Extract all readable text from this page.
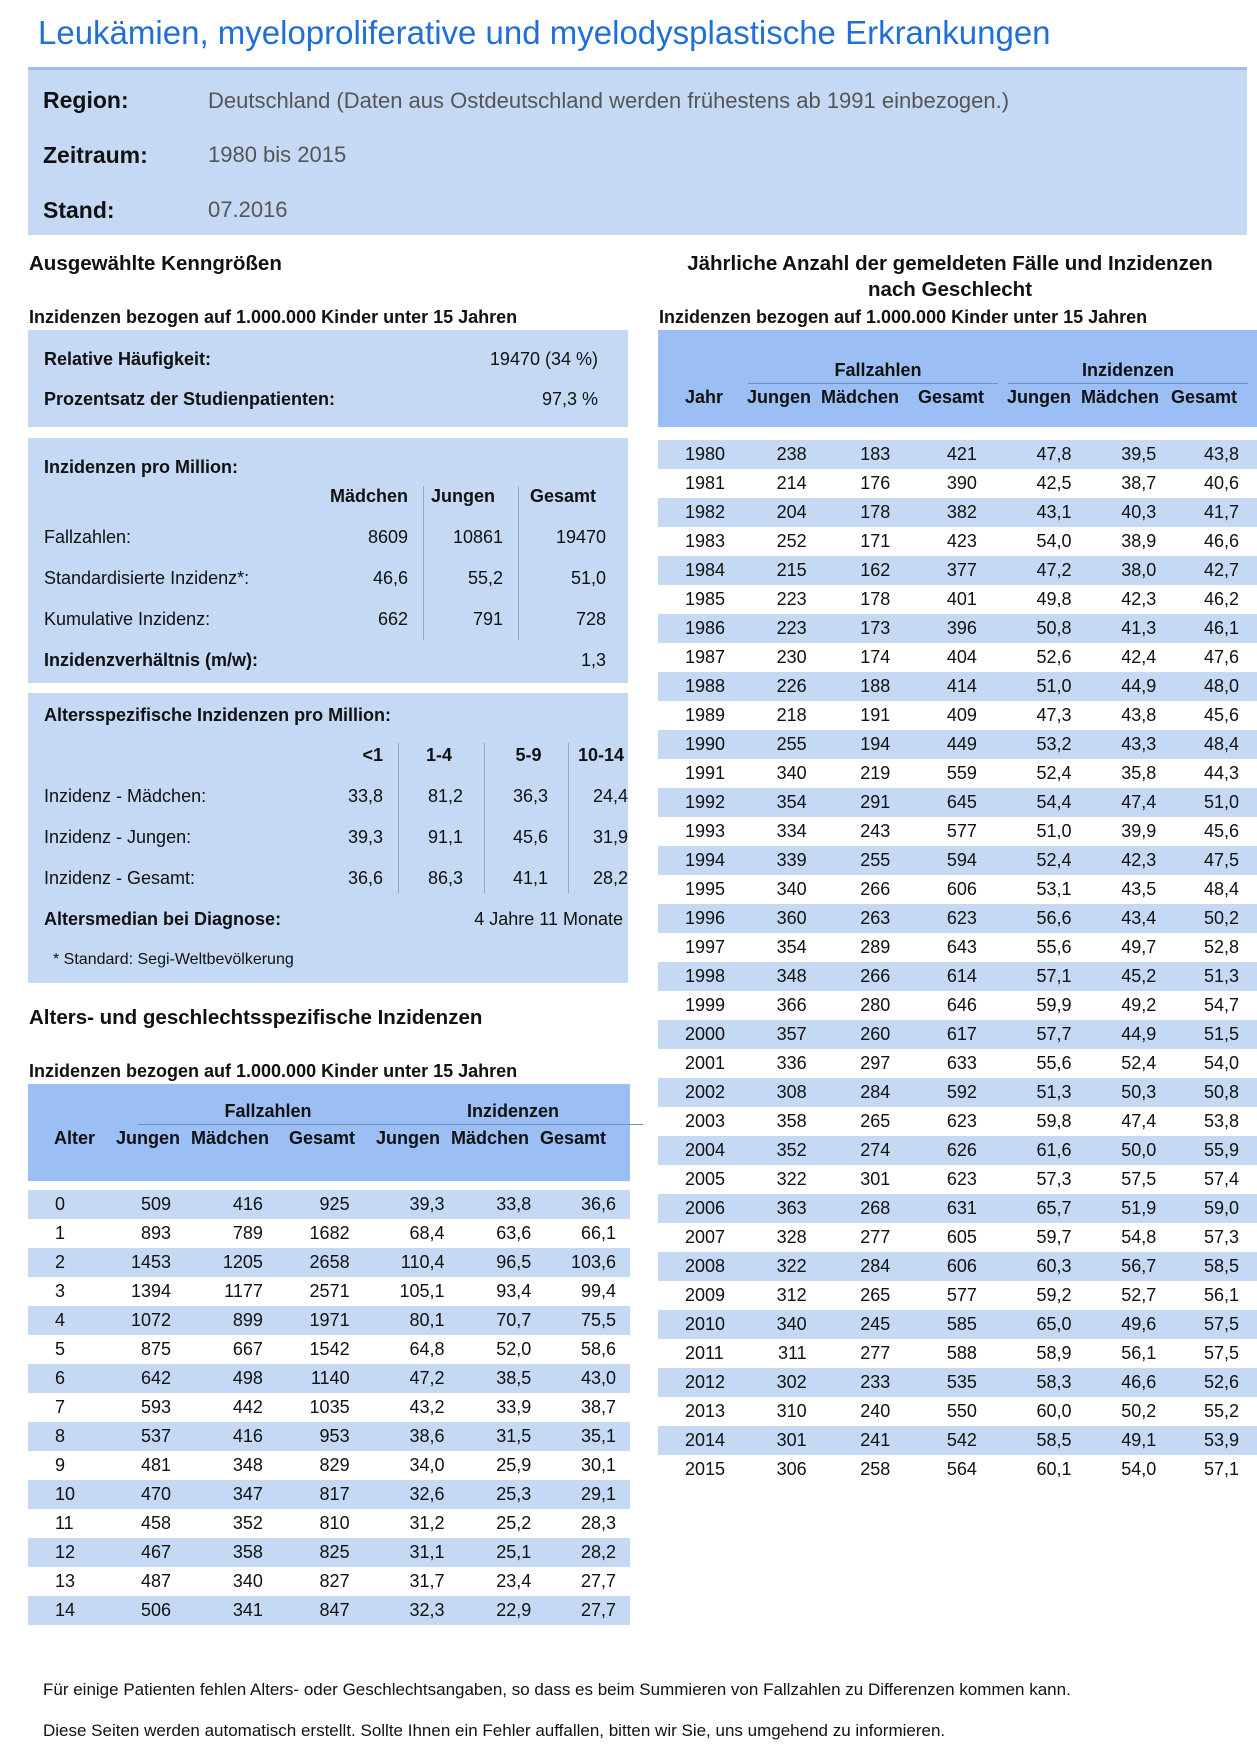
Leukämien, myeloproliferative und myelodysplastische Erkrankungen
Region:	Deutschland (Daten aus Ostdeutschland werden frühestens ab 1991 einbezogen.)
Zeitraum:	1980 bis 2015
Stand:	07.2016
Ausgewählte Kenngrößen
Inzidenzen bezogen auf 1.000.000 Kinder unter 15 Jahren
Relative Häufigkeit:	19470 (34 %)
Prozentsatz der Studienpatienten:	97,3 %
Inzidenzen pro Million:
Mädchen	Jungen	Gesamt
Fallzahlen:	8609	10861	19470
Standardisierte Inzidenz*:	46,6	55,2	51,0
Kumulative Inzidenz:	662	791	728
Inzidenzverhältnis (m/w):	1,3
Altersspezifische Inzidenzen pro Million:
<1	1-4	5-9	10-14
Inzidenz - Mädchen:	33,8	81,2	36,3	24,4
Inzidenz - Jungen:	39,3	91,1	45,6	31,9
Inzidenz - Gesamt:	36,6	86,3	41,1	28,2
Altersmedian bei Diagnose:	4 Jahre 11 Monate
* Standard: Segi-Weltbevölkerung
Alters- und geschlechtsspezifische Inzidenzen
Inzidenzen bezogen auf 1.000.000 Kinder unter 15 Jahren
Fallzahlen	Inzidenzen
Alter Jungen Mädchen Gesamt Jungen Mädchen Gesamt
0	509	416	925	39,3	33,8	36,6
1	893	789	1682	68,4	63,6	66,1
2	1453	1205	2658	110,4	96,5	103,6
3	1394	1177	2571	105,1	93,4	99,4
4	1072	899	1971	80,1	70,7	75,5
5	875	667	1542	64,8	52,0	58,6
6	642	498	1140	47,2	38,5	43,0
7	593	442	1035	43,2	33,9	38,7
8	537	416	953	38,6	31,5	35,1
9	481	348	829	34,0	25,9	30,1
10	470	347	817	32,6	25,3	29,1
11	458	352	810	31,2	25,2	28,3
12	467	358	825	31,1	25,1	28,2
13	487	340	827	31,7	23,4	27,7
14	506	341	847	32,3	22,9	27,7
Jährliche Anzahl der gemeldeten Fälle und Inzidenzen
nach Geschlecht
Inzidenzen bezogen auf 1.000.000 Kinder unter 15 Jahren
Fallzahlen	Inzidenzen
Jahr Jungen Mädchen Gesamt Jungen Mädchen Gesamt
1980	238	183	421	47,8	39,5	43,8
1981	214	176	390	42,5	38,7	40,6
1982	204	178	382	43,1	40,3	41,7
1983	252	171	423	54,0	38,9	46,6
1984	215	162	377	47,2	38,0	42,7
1985	223	178	401	49,8	42,3	46,2
1986	223	173	396	50,8	41,3	46,1
1987	230	174	404	52,6	42,4	47,6
1988	226	188	414	51,0	44,9	48,0
1989	218	191	409	47,3	43,8	45,6
1990	255	194	449	53,2	43,3	48,4
1991	340	219	559	52,4	35,8	44,3
1992	354	291	645	54,4	47,4	51,0
1993	334	243	577	51,0	39,9	45,6
1994	339	255	594	52,4	42,3	47,5
1995	340	266	606	53,1	43,5	48,4
1996	360	263	623	56,6	43,4	50,2
1997	354	289	643	55,6	49,7	52,8
1998	348	266	614	57,1	45,2	51,3
1999	366	280	646	59,9	49,2	54,7
2000	357	260	617	57,7	44,9	51,5
2001	336	297	633	55,6	52,4	54,0
2002	308	284	592	51,3	50,3	50,8
2003	358	265	623	59,8	47,4	53,8
2004	352	274	626	61,6	50,0	55,9
2005	322	301	623	57,3	57,5	57,4
2006	363	268	631	65,7	51,9	59,0
2007	328	277	605	59,7	54,8	57,3
2008	322	284	606	60,3	56,7	58,5
2009	312	265	577	59,2	52,7	56,1
2010	340	245	585	65,0	49,6	57,5
2011	311	277	588	58,9	56,1	57,5
2012	302	233	535	58,3	46,6	52,6
2013	310	240	550	60,0	50,2	55,2
2014	301	241	542	58,5	49,1	53,9
2015	306	258	564	60,1	54,0	57,1
Für einige Patienten fehlen Alters- oder Geschlechtsangaben, so dass es beim Summieren von Fallzahlen zu Differenzen kommen kann.
Diese Seiten werden automatisch erstellt. Sollte Ihnen ein Fehler auffallen, bitten wir Sie, uns umgehend zu informieren.
